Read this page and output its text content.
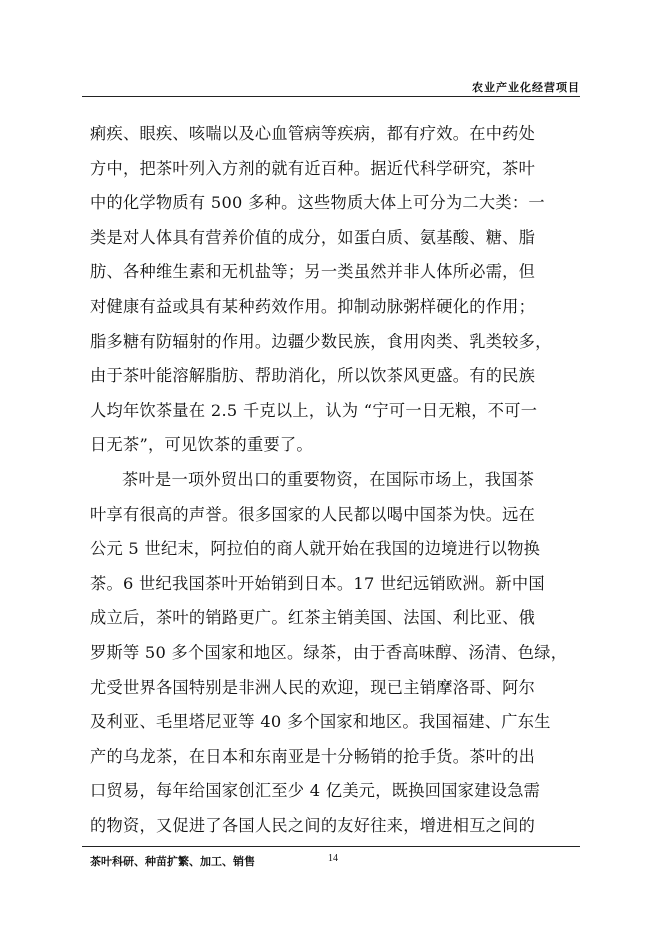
农业产业化经营项目
痢疾、眼疾、咳喘以及心血管病等疾病，都有疗效。在中药处
方中，把茶叶列入方剂的就有近百种。据近代科学研究，茶叶
中的化学物质有 500 多种。这些物质大体上可分为二大类：一
类是对人体具有营养价值的成分，如蛋白质、氨基酸、糖、脂
肪、各种维生素和无机盐等；另一类虽然并非人体所必需，但
对健康有益或具有某种药效作用。抑制动脉粥样硬化的作用；
脂多糖有防辐射的作用。边疆少数民族，食用肉类、乳类较多，
由于茶叶能溶解脂肪、帮助消化，所以饮茶风更盛。有的民族
人均年饮茶量在 2.5 千克以上，认为 “宁可一日无粮，不可一
日无茶”，可见饮茶的重要了。
茶叶是一项外贸出口的重要物资，在国际市场上，我国茶
叶享有很高的声誉。很多国家的人民都以喝中国茶为快。远在
公元 5 世纪末，阿拉伯的商人就开始在我国的边境进行以物换
茶。6 世纪我国茶叶开始销到日本。17 世纪远销欧洲。新中国
成立后，茶叶的销路更广。红茶主销美国、法国、利比亚、俄
罗斯等 50 多个国家和地区。绿茶，由于香高味醇、汤清、色绿，
尤受世界各国特别是非洲人民的欢迎，现已主销摩洛哥、阿尔
及利亚、毛里塔尼亚等 40 多个国家和地区。我国福建、广东生
产的乌龙茶，在日本和东南亚是十分畅销的抢手货。茶叶的出
口贸易，每年给国家创汇至少 4 亿美元，既换回国家建设急需
的物资，又促进了各国人民之间的友好往来，增进相互之间的
茶叶科研、种苗扩繁、加工、销售	14
